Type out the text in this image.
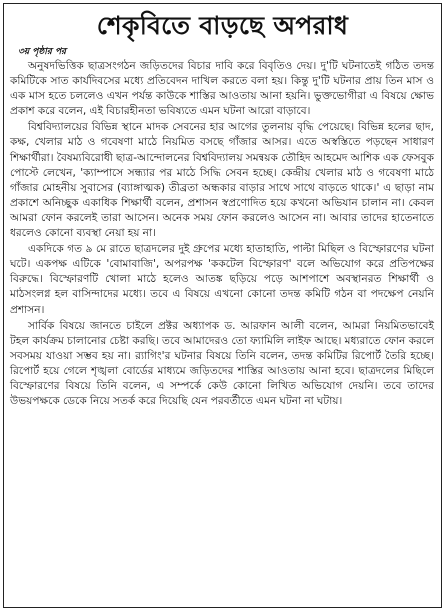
শেকৃবিতে বাড়ছে অপরাধ
৩য় পৃষ্ঠার পর

অনুষদভিত্তিক ছাত্রসংগঠন জড়িতদের বিচার দাবি করে বিবৃতিও দেয়। দু'টি ঘটনাতেই গঠিত তদন্ত কমিটিকে সাত কার্যদিবসের মধ্যে প্রতিবেদন দাখিল করতে বলা হয়। কিন্তু দু'টি ঘটনার প্রায় তিন মাস ও এক মাস হতে চললেও এখন পর্যন্ত কাউকে শাস্তির আওতায় আনা হয়নি। ভুক্তভোগীরা এ বিষয়ে ক্ষোভ প্রকাশ করে বলেন, এই বিচারহীনতা ভবিষ্যতে এমন ঘটনা আরো বাড়াবে।

বিশ্ববিদ্যালয়ের বিভিন্ন স্থানে মাদক সেবনের হার আগের তুলনায় বৃদ্ধি পেয়েছে। বিভিন্ন হলের ছাদ, কক্ষ, খেলার মাঠ ও গবেষণা মাঠে নিয়মিত বসছে গাঁজার আসর। এতে অস্বস্তিতে পড়ছেন সাধারণ শিক্ষার্থীরা। বৈষম্যবিরোধী ছাত্র-আন্দোলনের বিশ্ববিদ্যালয় সমন্বয়ক তৌহিদ আহমেদ আশিক এক ফেসবুক পোস্টে লেখেন, 'ক্যাম্পাসে সন্ধ্যার পর মাঠে সিদ্ধি সেবন হচ্ছে। কেন্দ্রীয় খেলার মাঠ ও গবেষণা মাঠে গাঁজার মোহনীয় সুবাসের (ব্যাঙ্গাত্মক) তীব্রতা অন্ধকার বাড়ার সাথে সাথে বাড়তে থাকে।' এ ছাড়া নাম প্রকাশে অনিচ্ছুক একাধিক শিক্ষার্থী বলেন, প্রশাসন স্বপ্রণোদিত হয়ে কখনো অভিযান চালান না। কেবল আমরা ফোন করলেই তারা আসেন। অনেক সময় ফোন করলেও আসেন না। আবার তাদের হাতেনাতে ধরলেও কোনো ব্যবস্থা নেয়া হয় না।

একদিকে গত ৯ মে রাতে ছাত্রদলের দুই গ্রুপের মধ্যে হাতাহাতি, পাল্টা মিছিল ও বিস্ফোরণের ঘটনা ঘটে। একপক্ষ এটিকে 'বোমাবাজি', অপরপক্ষ 'ককটেল বিস্ফোরণ' বলে অভিযোগ করে প্রতিপক্ষের বিরুদ্ধে। বিস্ফোরণটি খোলা মাঠে হলেও আতঙ্ক ছড়িয়ে পড়ে আশপাশে অবস্থানরত শিক্ষার্থী ও মাঠসংলগ্ন হল বাসিন্দাদের মধ্যে। তবে এ বিষয়ে এখনো কোনো তদন্ত কমিটি গঠন বা পদক্ষেপ নেয়নি প্রশাসন।

সার্বিক বিষয়ে জানতে চাইলে প্রক্টর অধ্যাপক ড. আরফান আলী বলেন, আমরা নিয়মিতভাবেই টহল কার্যক্রম চালানোর চেষ্টা করছি। তবে আমাদেরও তো ফ্যামিলি লাইফ আছে। মধ্যরাতে ফোন করলে সবসময় যাওয়া সম্ভব হয় না। র‍্যাগিং'র ঘটনার বিষয়ে তিনি বলেন, তদন্ত কমিটির রিপোর্ট তৈরি হচ্ছে। রিপোর্ট হয়ে গেলে শৃঙ্খলা বোর্ডের মাধ্যমে জড়িতদের শাস্তির আওতায় আনা হবে। ছাত্রদলের মিছিলে বিস্ফোরণের বিষয়ে তিনি বলেন, এ সম্পর্কে কেউ কোনো লিখিত অভিযোগ দেয়নি। তবে তাদের উভয়পক্ষকে ডেকে নিয়ে সতর্ক করে দিয়েছি যেন পরবর্তীতে এমন ঘটনা না ঘটায়।
